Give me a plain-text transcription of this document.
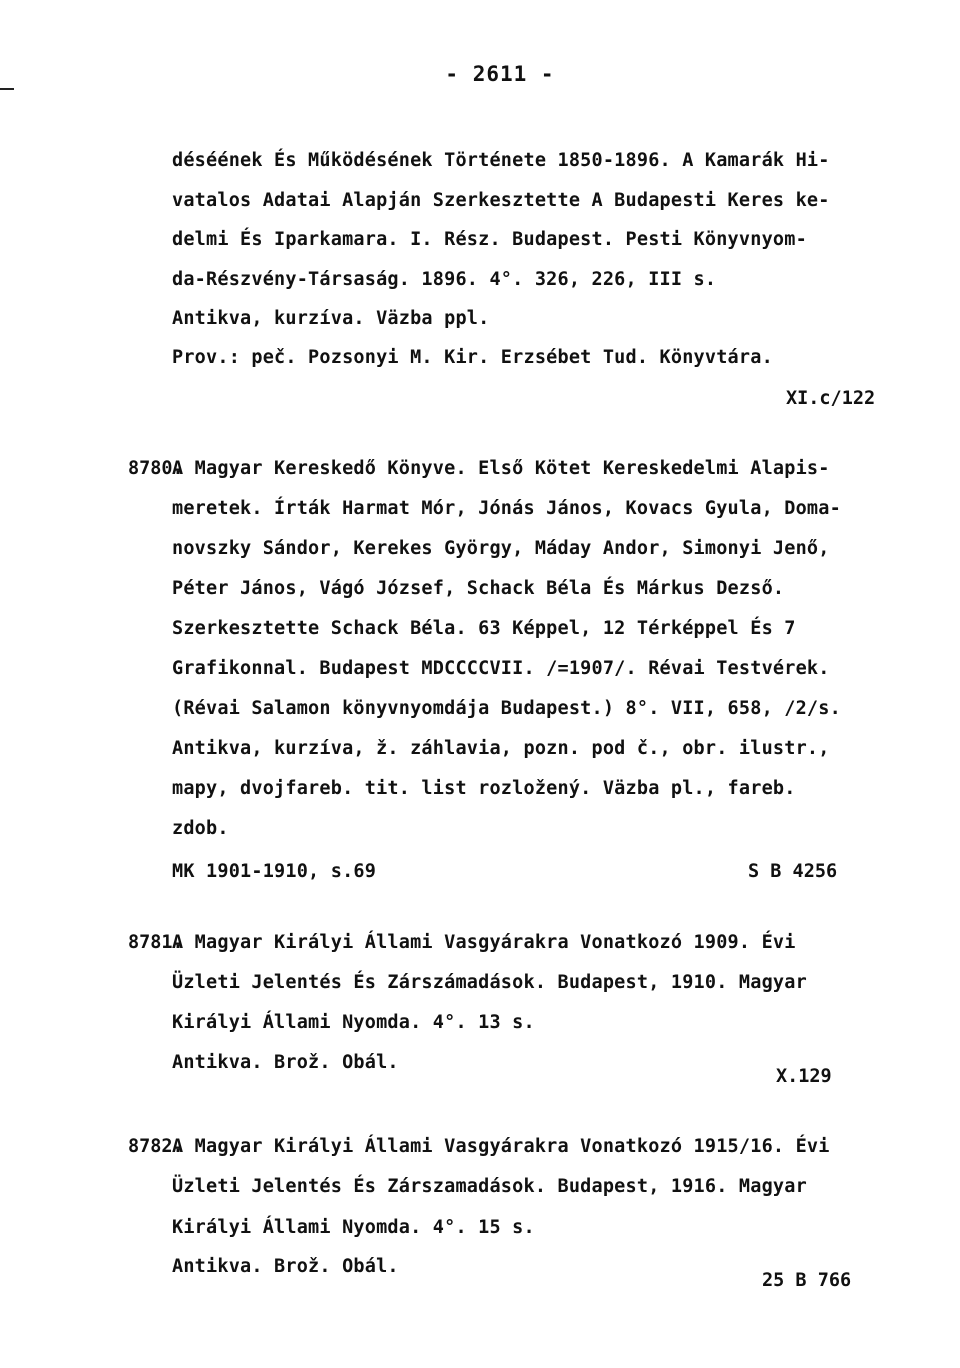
- 2611 -
déséének És Működésének Története 1850-1896. A Kamarák Hi-
vatalos Adatai Alapján Szerkesztette A Budapesti Keres ke-
delmi És Iparkamara. I. Rész. Budapest. Pesti Könyvnyom-
da-Részvény-Társaság. 1896. 4°. 326, 226, III s.
Antikva, kurzíva. Väzba ppl.
Prov.: peč. Pozsonyi M. Kir. Erzsébet Tud. Könyvtára.
XI.c/122
8780.
A Magyar Kereskedő Könyve. Első Kötet Kereskedelmi Alapis-
meretek. Írták Harmat Mór, Jónás János, Kovacs Gyula, Doma-
novszky Sándor, Kerekes György, Máday Andor, Simonyi Jenő,
Péter János, Vágó József, Schack Béla És Márkus Dezső.
Szerkesztette Schack Béla. 63 Képpel, 12 Térképpel És 7
Grafikonnal. Budapest MDCCCCVII. /=1907/. Révai Testvérek.
(Révai Salamon könyvnyomdája Budapest.) 8°. VII, 658, /2/s.
Antikva, kurzíva, ž. záhlavia, pozn. pod č., obr. ilustr.,
mapy, dvojfareb. tit. list rozložený. Väzba pl., fareb.
zdob.
MK 1901-1910, s.69	S B 4256
8781.
A Magyar Királyi Állami Vasgyárakra Vonatkozó 1909. Évi
Üzleti Jelentés És Zárszámadások. Budapest, 1910. Magyar
Királyi Állami Nyomda. 4°. 13 s.
Antikva. Brož. Obál.
X.129
8782.
A Magyar Királyi Állami Vasgyárakra Vonatkozó 1915/16. Évi
Üzleti Jelentés És Zárszamadások. Budapest, 1916. Magyar
Királyi Állami Nyomda. 4°. 15 s.
Antikva. Brož. Obál.
25 B 766
